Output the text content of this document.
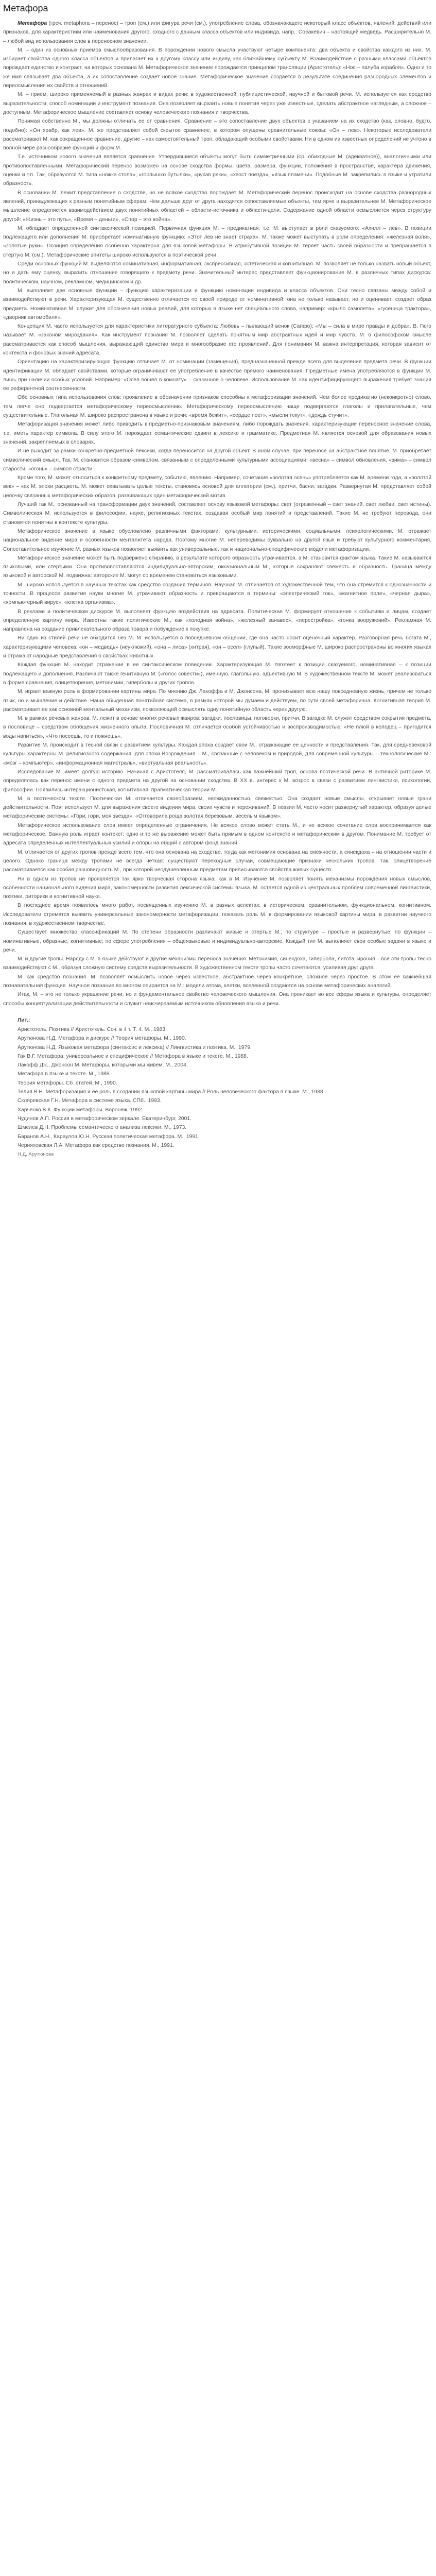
Метафора

Метафора (греч. metaphora – перенос) – троп (см.) или фигура речи (см.), употребление слова, обозначающего некоторый класс объектов, явлений, действий или признаков, для характеристики или наименования другого, сходного с данным класса объектов или индивида, напр.: Собакевич – настоящий медведь. Расширительно М. – любой вид использования слов в переносном значении.

М. – один из основных приемов смыслообразования. В порождении нового смысла участвуют четыре компонента: два объекта и свойства каждого из них. М. избирает свойства одного класса объектов и прилагает их к другому классу или индиву, как ближайшему субъекту М. Взаимодействие с разными классами объектов порождает единство и контраст, на которых основана М. Метафорическое значение порождается принципом трансляции (Аристотель): «Нос – палуба корабля». Одно и то же имя связывает два объекта, а их сопоставление создает новое знание. Метафорическое значение создается в результате соединения разнородных элементов и переосмысления их свойств и отношений.

М. – прием, широко применяемый в разных жанрах и видах речи: в художественной, публицистической, научной и бытовой речи. М. используется как средство выразительности, способ номинации и инструмент познания. Она позволяет выразить новые понятия через уже известные, сделать абстрактное наглядным, а сложное – доступным. Метафорическое мышление составляет основу человеческого познания и творчества.

Понимая собственно М., мы должны отличать ее от сравнения. Сравнение – это сопоставление двух объектов с указанием на их сходство (как, словно, будто, подобно): «Он храбр, как лев». М. же представляет собой скрытое сравнение, в котором опущены сравнительные союзы: «Он – лев». Некоторые исследователи рассматривают М. как сокращенное сравнение, другие – как самостоятельный троп, обладающий особыми свойствами. Ни в одном из известных определений не учтено в полной мере разнообразие функций и форм М.

Т.е. источником нового значения является сравнение. Утвердившиеся объекты могут быть симметричными (ср. обиходные М. (адекватное)), аналогичными или противопоставленными. Метафорический перенос возможен на основе сходства формы, цвета, размера, функции, положения в пространстве, характера движения, оценки и т.п. Так, образуются М. типа «ножка стола», «горлышко бутылки», «рукав реки», «хвост поезда», «язык пламени». Подобные М. закрепились в языке и утратили образность.

В основании М. лежит представление о сходстве, но не всякое сходство порождает М. Метафорический перенос происходит на основе сходства разнородных явлений, принадлежащих к разным понятийным сферам. Чем дальше друг от друга находятся сопоставляемые объекты, тем ярче и выразительнее М. Метафорическое мышление определяется взаимодействием двух понятийных областей – области-источника и области-цели. Содержание одной области осмысляется через структуру другой: «Жизнь – это путь», «Время – деньги», «Спор – это война».

М. обладает определенной синтаксической позицией. Первичная функция М. – предикатная, т.е. М. выступает в роли сказуемого: «Ахилл – лев». В позиции подлежащего или дополнения М. приобретает номинативную функцию: «Этот лев не знает страха». М. также может выступать в роли определения: «железная воля», «золотые руки». Позиция определения особенно характерна для языковой метафоры. В атрибутивной позиции М. теряет часть своей образности и превращается в стертую М. (см.). Метафорические эпитеты широко используются в поэтической речи.

Среди основных функций М. выделяются номинативная, информативная, экспрессивная, эстетическая и когнитивная. М. позволяет не только назвать новый объект, но и дать ему оценку, выразить отношение говорящего к предмету речи. Значительный интерес представляет функционирование М. в различных типах дискурса: политическом, научном, рекламном, медицинском и др.

М. выполняет две основные функции – функцию характеризации и функцию номинации индивида и класса объектов. Они тесно связаны между собой и взаимодействуют в речи. Характеризующая М. существенно отличается по своей природе от номинативной: она не только называет, но и оценивает, создает образ предмета. Номинативная М. служит для обозначения новых реалий, для которых в языке нет специального слова, например: «крыло самолета», «гусеница трактора», «дворник автомобиля».

Концепция М. часто используется для характеристики литературного субъекта: Любовь – пылающий венок (Сапфо); «Мы – сила в мире правды и добра». В. Гюго называет М. «законом мироздания». Как инструмент познания М. позволяет сделать понятным мир абстрактных идей и мир чувств. М. в философском смысле рассматривается как способ мышления, выражающий единство мира и многообразие его проявлений. Для понимания М. важна интерпретация, которая зависит от контекста и фоновых знаний адресата.

Ориентацию на характеризирующую функцию отличает М. от номинации (замещения), предназначенной прежде всего для выделения предмета речи. В функции идентификации М. обладает свойствами, которые ограничивают ее употребление в качестве прямого наименования. Предметные имена употребляются в функции М. лишь при наличии особых условий. Например: «Осел вошел в комнату» – сказанное о человеке. Использование М. как идентифицирующего выражения требует знания ее референтной соотнесенности.

Обе основных типа использования слов: проявление в обозначении признаков способны к метафоризации значений. Чем более предикатно (неконкретно) слово, тем легче оно подвергается метафорическому переосмыслению. Метафорическому переосмыслению чаще подвергаются глаголы и прилагательные, чем существительные. Глагольная М. широко распространена в языке и речи: «время бежит», «сердце поет», «мысли текут», «дождь стучит».

Метафоризация значения может либо приводить к предметно-признаковым значениям, либо порождать значения, характеризующие переносное значение слова, т.е. иметь характер символа. В силу этого М. порождает семантические сдвиги в лексике и грамматике. Предметная М. является основой для образования новых значений, закрепляемых в словарях.

И не выходит за рамки конкретно-предметной лексики, когда переносится на другой объект. В ином случае, при переносе на абстрактное понятие, М. приобретает символический смысл. Так, М. становится образом-символом, связанным с определенными культурными ассоциациями: «весна» – символ обновления, «зима» – символ старости, «огонь» – символ страсти.

Кроме того, М. может относиться к конкретному предмету, событию, явлению. Например, сочетание «золотая осень» употребляется как М. времени года, а «золотой век» – как М. эпохи расцвета. М. может охватывать целые тексты, становясь основой для аллегории (см.), притчи, басни, загадки. Развернутая М. представляет собой цепочку связанных метафорических образов, развивающих один метафорический мотив.

Лучший так М., основанный на трансформации двух значений, составляет основу языковой метафоры: свет (отраженный – свет знаний, свет любви, свет истины). Символическая М. используется в философии, науке, религиозных текстах, создавая особый мир понятий и представлений. Такие М. не требуют перевода, они становятся понятны в контексте культуры.

Метафорическое значение в языке обусловлено различными факторами: культурными, историческими, социальными, психологическими. М. отражает национальное видение мира и особенности менталитета народа. Поэтому многие М. непереводимы буквально на другой язык и требуют культурного комментария. Сопоставительное изучение М. разных языков позволяет выявить как универсальные, так и национально-специфические модели метафоризации.

Метафорическое значение может быть подвержено стиранию, в результате которого образность утрачивается, а М. становится фактом языка. Такие М. называются языковыми, или стертыми. Они противопоставляются индивидуально-авторским, окказиональным М., которые сохраняют свежесть и образность. Граница между языковой и авторской М. подвижна: авторские М. могут со временем становиться языковыми.

М. широко используется в научных текстах как средство создания терминов. Научная М. отличается от художественной тем, что она стремится к однозначности и точности. В процессе развития науки многие М. утрачивают образность и превращаются в термины: «электрический ток», «магнитное поле», «черная дыра», «компьютерный вирус», «клетка организма».

В рекламе и политическом дискурсе М. выполняет функцию воздействия на адресата. Политическая М. формирует отношение к событиям и лицам, создает определенную картину мира. Известны такие политические М., как «холодная война», «железный занавес», «перестройка», «гонка вооружений». Рекламная М. направлена на создание привлекательного образа товара и побуждение к покупке.

Ни один из стилей речи не обходится без М. М. используется в повседневном общении, где она часто носит оценочный характер. Разговорная речь богата М., характеризующими человека: «он – медведь» (неуклюжий), «она – лиса» (хитрая), «он – осел» (глупый). Такие зооморфные М. широко распространены во многих языках и отражают народные представления о свойствах животных.

Каждая функция М. находит отражение в ее синтаксическом поведении. Характеризующая М. тяготеет к позиции сказуемого, номинативная – к позиции подлежащего и дополнения. Различают также генитивную М. («голос совести»), именную, глагольную, адъективную М. В художественном тексте М. может реализоваться в форме сравнения, олицетворения, метонимии, гиперболы и других тропов.

М. играет важную роль в формировании картины мира. По мнению Дж. Лакоффа и М. Джонсона, М. пронизывает всю нашу повседневную жизнь, причем не только язык, но и мышление и действие. Наша обыденная понятийная система, в рамках которой мы думаем и действуем, по сути своей метафорична. Когнитивная теория М. рассматривает ее как основной ментальный механизм, позволяющий осмыслять одну понятийную область через другую.

М. в рамках речевых жанров. М. лежит в основе многих речевых жанров: загадки, пословицы, поговорки, притчи. В загадке М. служит средством сокрытия предмета, в пословице – средством обобщения жизненного опыта. Пословичная М. отличается особой устойчивостью и воспроизводимостью: «Не плюй в колодец – пригодится воды напиться», «Что посеешь, то и пожнешь».

Развитие М. происходит в тесной связи с развитием культуры. Каждая эпоха создает свои М., отражающие ее ценности и представления. Так, для средневековой культуры характерны М. религиозного содержания, для эпохи Возрождения – М., связанные с человеком и природой, для современной культуры – технологические М.: «мозг – компьютер», «информационная магистраль», «виртуальная реальность».

Исследование М. имеет долгую историю. Начиная с Аристотеля, М. рассматривалась как важнейший троп, основа поэтической речи. В античной риторике М. определялась как перенос имени с одного предмета на другой на основании сходства. В XX в. интерес к М. возрос в связи с развитием лингвистики, психологии, философии. Появились интеракционистская, когнитивная, прагматическая теории М.

М. в поэтическом тексте. Поэтическая М. отличается своеобразием, неожиданностью, свежестью. Она создает новые смыслы, открывает новые грани действительности. Поэт использует М. для выражения своего видения мира, своих чувств и переживаний. В поэзии М. часто носит развернутый характер, образуя целые метафорические системы: «Гори, гори, моя звезда», «Отговорила роща золотая березовым, веселым языком».

Метафорическое использование слов имеет определенные ограничения. Не всякое слово может стать М., и не всякое сочетание слов воспринимается как метафорическое. Важную роль играет контекст: одно и то же выражение может быть прямым в одном контексте и метафорическим в другом. Понимание М. требует от адресата определенных интеллектуальных усилий и опоры на общий с автором фонд знаний.

М. отличается от других тропов прежде всего тем, что она основана на сходстве, тогда как метонимия основана на смежности, а синекдоха – на отношении части и целого. Однако граница между тропами не всегда четкая: существуют переходные случаи, совмещающие признаки нескольких тропов. Так, олицетворение рассматривается как особая разновидность М., при которой неодушевленным предметам приписываются свойства живых существ.

Ни в одном из тропов не проявляется так ярко творческая сторона языка, как в М. Изучение М. позволяет понять механизмы порождения новых смыслов, особенности национального видения мира, закономерности развития лексической системы языка. М. остается одной из центральных проблем современной лингвистики, поэтики, риторики и когнитивной науки.

В последнее время появилось много работ, посвященных изучению М. в разных аспектах: в историческом, сравнительном, функциональном, когнитивном. Исследователи стремятся выявить универсальные закономерности метафоризации, показать роль М. в формировании языковой картины мира, в развитии научного познания, в художественном творчестве.

Существует множество классификаций М. По степени образности различают живые и стертые М.; по структуре – простые и развернутые; по функции – номинативные, образные, когнитивные; по сфере употребления – общеязыковые и индивидуально-авторские. Каждый тип М. выполняет свои особые задачи в языке и речи.

М. и другие тропы. Наряду с М. в языке действуют и другие механизмы переноса значения. Метонимия, синекдоха, гипербола, литота, ирония – все эти тропы тесно взаимодействуют с М., образуя сложную систему средств выразительности. В художественном тексте тропы часто сочетаются, усиливая друг друга.

М. как средство познания. М. позволяет осмыслить новое через известное, абстрактное через конкретное, сложное через простое. В этом ее важнейшая познавательная функция. Научное познание во многом опирается на М.: модели атома, клетки, вселенной создаются на основе метафорических аналогий.

Итак, М. – это не только украшение речи, но и фундаментальное свойство человеческого мышления. Она проникает во все сферы языка и культуры, определяет способы концептуализации действительности и служит неисчерпаемым источником обновления языка и речи.

Лит.:

Аристотель. Поэтика // Аристотель. Соч. в 4 т. Т. 4. М., 1983.

Арутюнова Н.Д. Метафора и дискурс // Теория метафоры. М., 1990.

Арутюнова Н.Д. Языковая метафора (синтаксис и лексика) // Лингвистика и поэтика. М., 1979.

Гак В.Г. Метафора: универсальное и специфическое // Метафора в языке и тексте. М., 1988.

Лакофф Дж., Джонсон М. Метафоры, которыми мы живем. М., 2004.

Метафора в языке и тексте. М., 1988.

Теория метафоры. Сб. статей. М., 1990.

Телия В.Н. Метафоризация и ее роль в создании языковой картины мира // Роль человеческого фактора в языке. М., 1988.

Скляревская Г.Н. Метафора в системе языка. СПб., 1993.

Харченко В.К. Функции метафоры. Воронеж, 1992.

Чудинов А.П. Россия в метафорическом зеркале. Екатеринбург, 2001.

Шмелев Д.Н. Проблемы семантического анализа лексики. М., 1973.

Баранов А.Н., Караулов Ю.Н. Русская политическая метафора. М., 1991.

Черняховская Л.А. Метафора как средство познания. М., 1991.

Н.Д. Арутюнова
